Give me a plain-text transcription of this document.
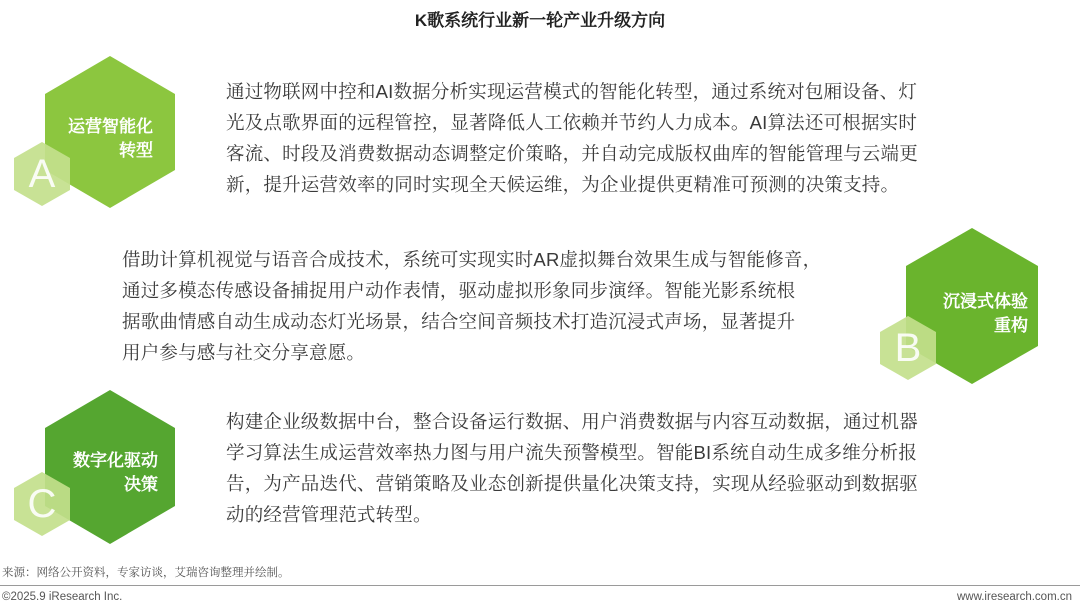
K歌系统行业新一轮产业升级方向
A
运营智能化
转型
通过物联网中控和AI数据分析实现运营模式的智能化转型，通过系统对包厢设备、灯
光及点歌界面的远程管控，显著降低人工依赖并节约人力成本。AI算法还可根据实时
客流、时段及消费数据动态调整定价策略，并自动完成版权曲库的智能管理与云端更
新，提升运营效率的同时实现全天候运维，为企业提供更精准可预测的决策支持。
B
沉浸式体验
重构
借助计算机视觉与语音合成技术，系统可实现实时AR虚拟舞台效果生成与智能修音，
通过多模态传感设备捕捉用户动作表情，驱动虚拟形象同步演绎。智能光影系统根
据歌曲情感自动生成动态灯光场景，结合空间音频技术打造沉浸式声场，显著提升
用户参与感与社交分享意愿。
C
数字化驱动
决策
构建企业级数据中台，整合设备运行数据、用户消费数据与内容互动数据，通过机器
学习算法生成运营效率热力图与用户流失预警模型。智能BI系统自动生成多维分析报
告，为产品迭代、营销策略及业态创新提供量化决策支持，实现从经验驱动到数据驱
动的经营管理范式转型。
来源：网络公开资料，专家访谈，艾瑞咨询整理并绘制。
©2025.9 iResearch Inc.	www.iresearch.com.cn
